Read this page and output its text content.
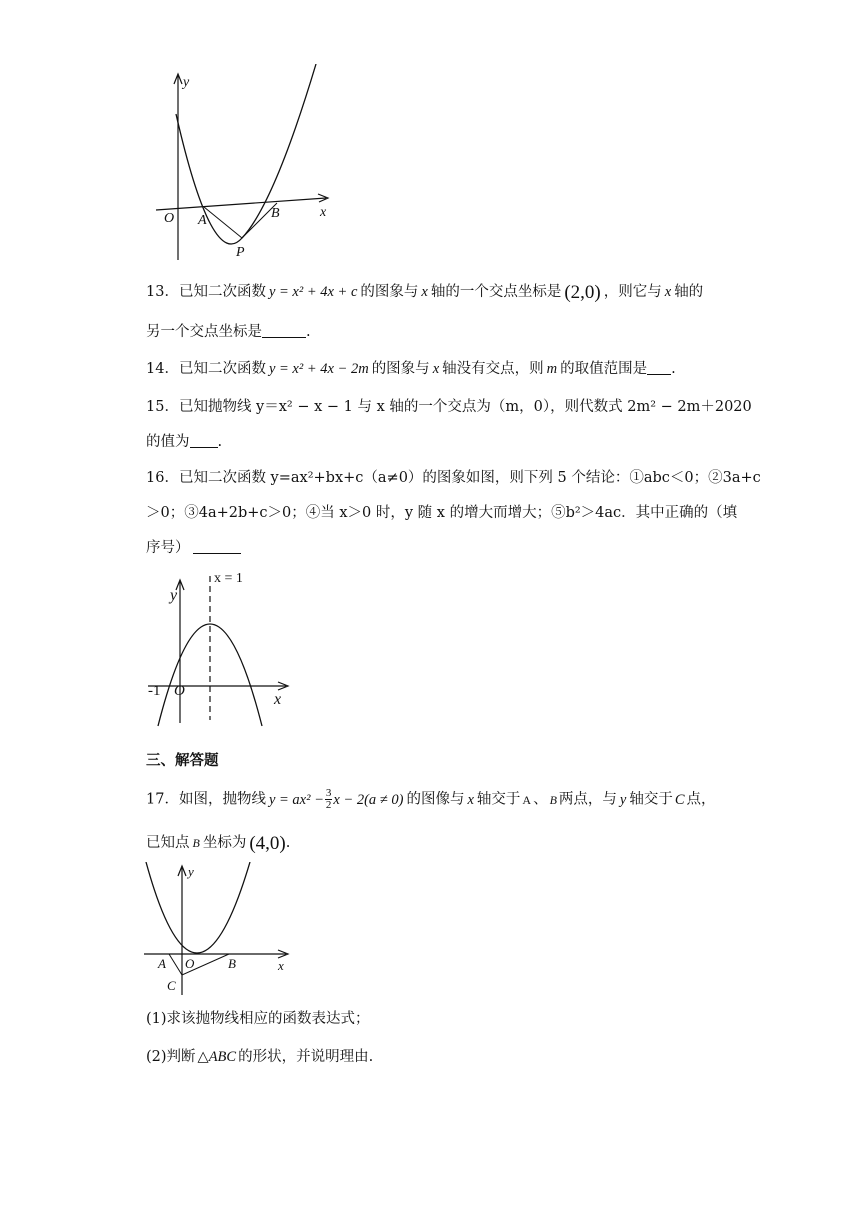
y
x
O A	B
P
13．已知二次函数 y = x² + 4x + c 的图象与 x 轴的一个交点坐标是 (2,0) ，则它与 x 轴的
另一个交点坐标是	.
14．已知二次函数 y = x² + 4x − 2m 的图象与 x 轴没有交点，则 m 的取值范围是 .
15．已知抛物线 y＝x² − x − 1 与 x 轴的一个交点为（m，0），则代数式 2m² − 2m＋2020
的值为 .
16．已知二次函数 y=ax²+bx+c（a≠0）的图象如图，则下列 5 个结论：①abc＜0；②3a+c
＞0；③4a+2b+c＞0；④当 x＞0 时，y 随 x 的增大而增大；⑤b²＞4ac．其中正确的（填
序号）
x = 1
y
x
O
-1
三、解答题
17．如图，抛物线 $y = ax^2 - \frac{3}{2}$ x − 2(a ≠ 0) 的图像与 x 轴交于 A 、 B 两点，与 y 轴交于 C 点，
已知点 B 坐标为 (4,0).
y
x
A O	B
C
(1)求该抛物线相应的函数表达式；
(2)判断 △ABC 的形状，并说明理由.
